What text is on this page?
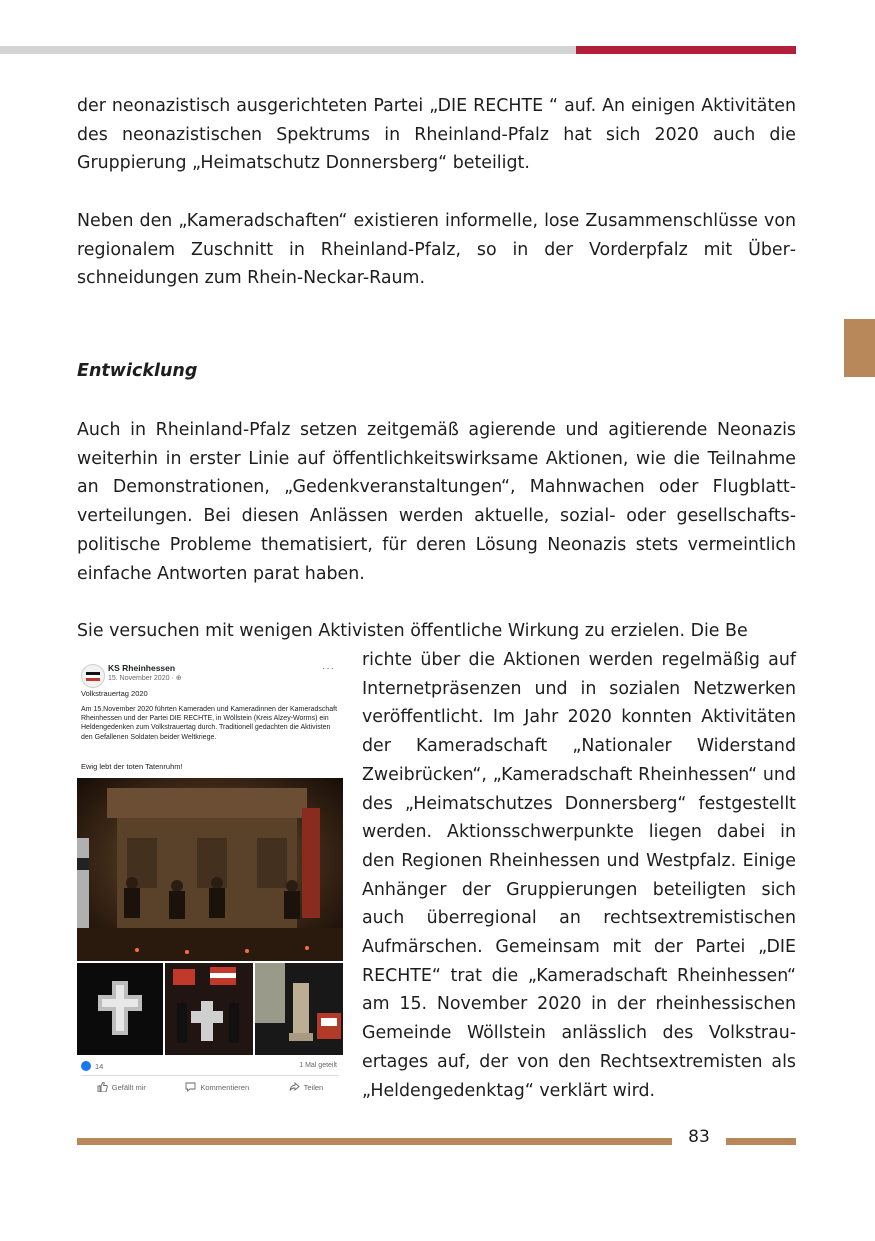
der neonazistisch ausgerichteten Partei „DIE RECHTE “ auf. An einigen Aktivitäten des neonazistischen Spektrums in Rheinland-Pfalz hat sich 2020 auch die Gruppierung „Heimatschutz Donnersberg“ beteiligt.

Neben den „Kameradschaften“ existieren informelle, lose Zusammenschlüsse von regionalem Zuschnitt in Rheinland-Pfalz, so in der Vorderpfalz mit Überschneidungen zum Rhein-Neckar-Raum.

Entwicklung

Auch in Rheinland-Pfalz setzen zeitgemäß agierende und agitierende Neonazis weiterhin in erster Linie auf öffentlichkeitswirksame Aktionen, wie die Teilnahme an Demonstrationen, „Gedenkveranstaltungen“, Mahnwachen oder Flugblattverteilungen. Bei diesen Anlässen werden aktuelle, sozial- oder gesellschaftspolitische Probleme thematisiert, für deren Lösung Neonazis stets vermeintlich einfache Antworten parat haben.

Sie versuchen mit wenigen Aktivisten öffentliche Wirkung zu erzielen. Die Be

richte über die Aktionen werden regelmäßig auf Internetpräsenzen und in sozialen Netzwerken veröffentlicht. Im Jahr 2020 konnten Aktivitäten der Kameradschaft „Nationaler Widerstand Zweibrücken“, „Kameradschaft Rheinhessen“ und des „Heimatschutzes Donnersberg“ festgestellt werden. Aktionsschwerpunkte liegen dabei in den Regionen Rheinhessen und Westpfalz. Einige Anhänger der Gruppierungen beteiligten sich auch überregional an rechtsextremistischen Aufmärschen. Gemeinsam mit der Partei „DIE RECHTE“ trat die „Kameradschaft Rheinhessen“ am 15. November 2020 in der rheinhessischen Gemeinde Wöllstein anlässlich des Volkstrauertages auf, der von den Rechtsextremisten als „Heldengedenktag“ verklärt wird.

KS Rheinhessen
15. November 2020 · ⊕
···
Volkstrauertag 2020

Am 15.November 2020 führten Kameraden und Kameradinnen der Kameradschaft Rheinhessen und der Partei DIE RECHTE, in Wöllstein (Kreis Alzey-Worms) ein Heldengedenken zum Volkstrauertag durch. Traditionell gedachten die Aktivisten den Gefallenen Soldaten beider Weltkriege.

Ewig lebt der toten Tatenruhm!
14	1 Mal geteilt
Gefällt mir	Kommentieren	Teilen
83
